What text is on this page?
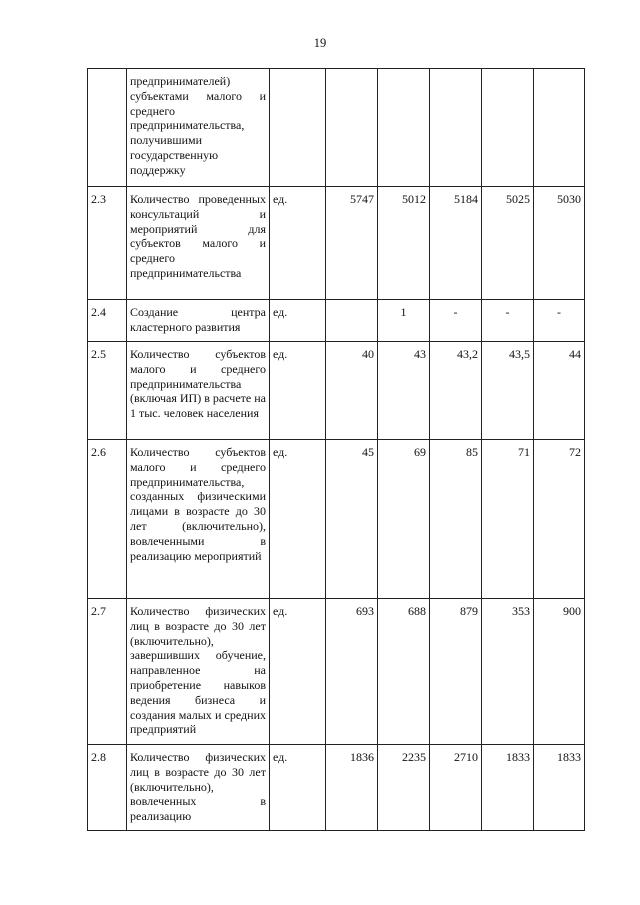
19
	предпринимателей) субъектами малого и среднего предпринимательства, получившими государственную поддержку						
2.3	Количество проведенных консультаций и мероприятий для субъектов малого и среднего предпринимательства	ед.	5747	5012	5184	5025	5030
2.4	Создание центра кластерного развития	ед.		1	-	-	-
2.5	Количество субъектов малого и среднего предпринимательства (включая ИП) в расчете на 1 тыс. человек населения	ед.	40	43	43,2	43,5	44
2.6	Количество субъектов малого и среднего предпринимательства, созданных физическими лицами в возрасте до 30 лет (включительно), вовлеченными в реализацию мероприятий	ед.	45	69	85	71	72
2.7	Количество физических лиц в возрасте до 30 лет (включительно), завершивших обучение, направленное на приобретение навыков ведения бизнеса и создания малых и средних предприятий	ед.	693	688	879	353	900
2.8	Количество физических лиц в возрасте до 30 лет (включительно), вовлеченных в реализацию	ед.	1836	2235	2710	1833	1833
